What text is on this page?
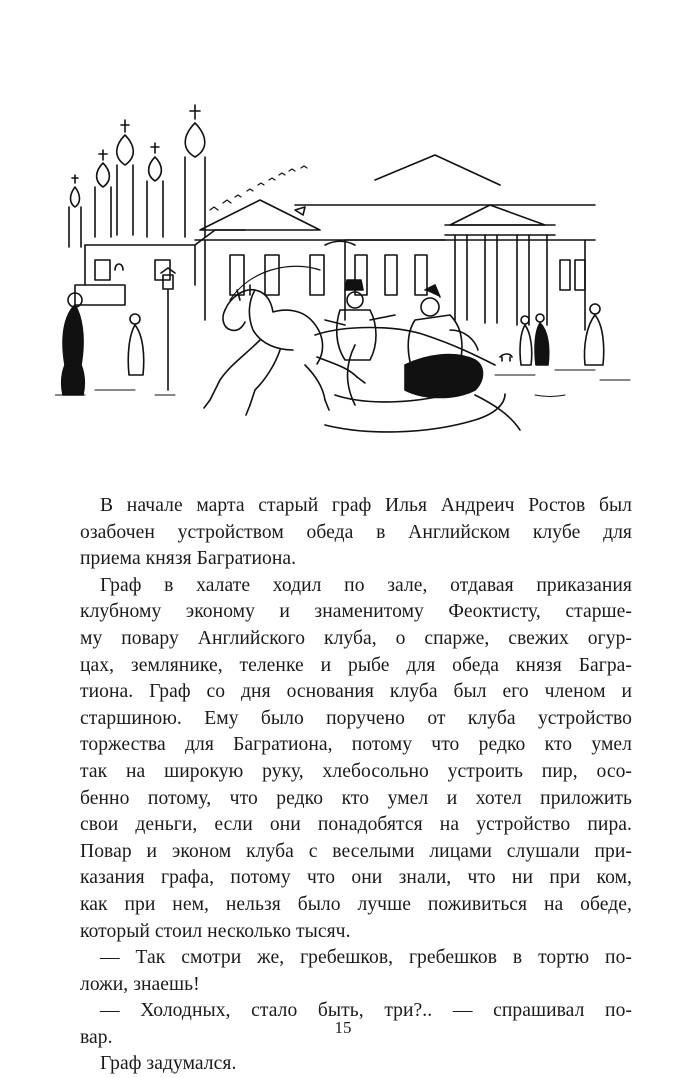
В начале марта старый граф Илья Андреич Ростов был
озабочен устройством обеда в Английском клубе для
приема князя Багратиона.
Граф в халате ходил по зале, отдавая приказания
клубному эконому и знаменитому Феоктисту, старше-
му повару Английского клуба, о спарже, свежих огур-
цах, землянике, теленке и рыбе для обеда князя Багра-
тиона. Граф со дня основания клуба был его членом и
старшиною. Ему было поручено от клуба устройство
торжества для Багратиона, потому что редко кто умел
так на широкую руку, хлебосольно устроить пир, осо-
бенно потому, что редко кто умел и хотел приложить
свои деньги, если они понадобятся на устройство пира.
Повар и эконом клуба с веселыми лицами слушали при-
казания графа, потому что они знали, что ни при ком,
как при нем, нельзя было лучше поживиться на обеде,
который стоил несколько тысяч.
— Так смотри же, гребешков, гребешков в тортю по-
ложи, знаешь!
— Холодных, стало быть, три?.. — спрашивал по-
вар.
Граф задумался.
15
